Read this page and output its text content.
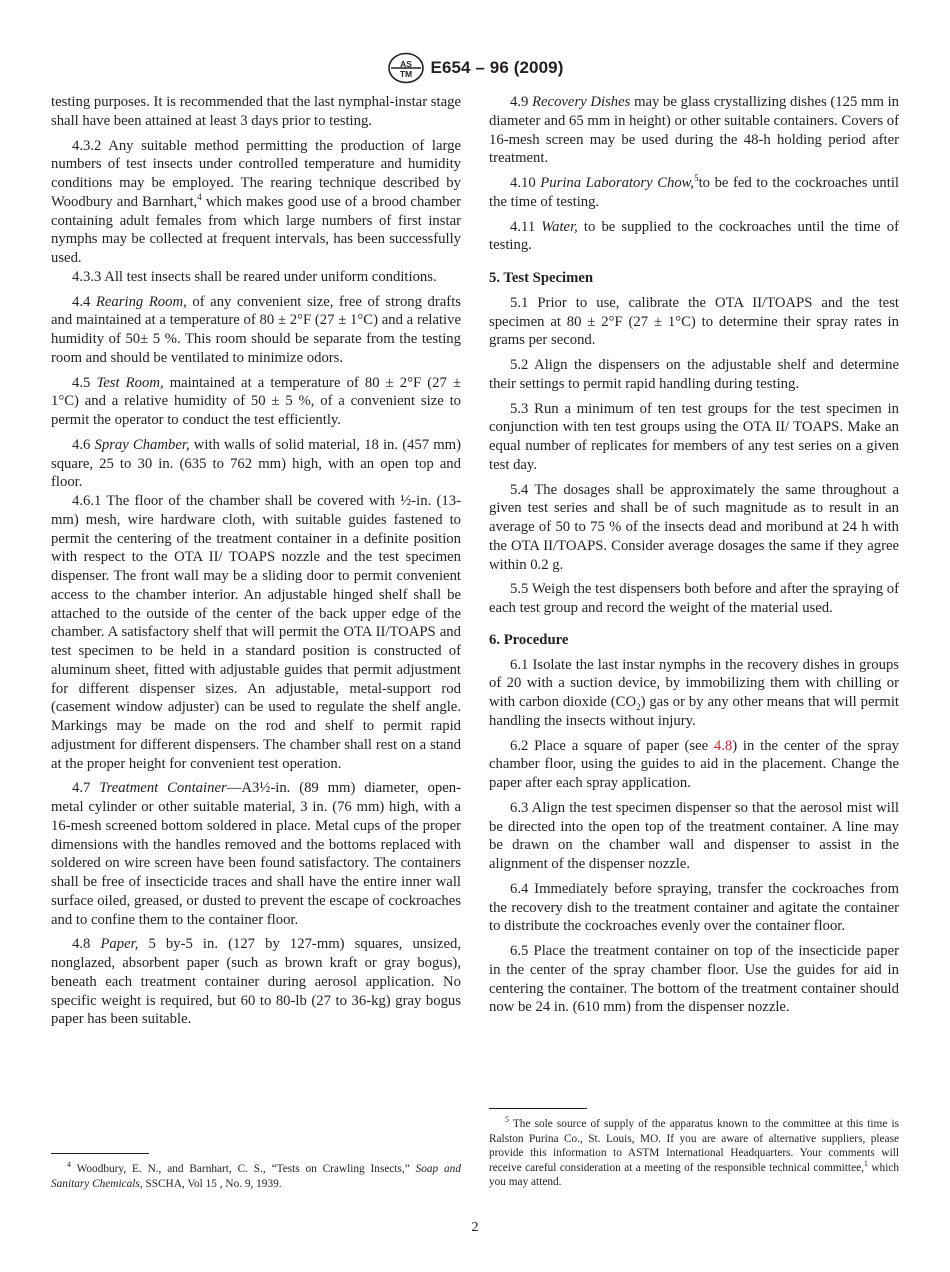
AS
TM E654 – 96 (2009)

testing purposes. It is recommended that the last nymphal-instar stage shall have been attained at least 3 days prior to testing.

4.3.2 Any suitable method permitting the production of large numbers of test insects under controlled temperature and humidity conditions may be employed. The rearing technique described by Woodbury and Barnhart,$^4$ which makes good use of a brood chamber containing adult females from which large numbers of first instar nymphs may be collected at frequent intervals, has been successfully used.

4.3.3 All test insects shall be reared under uniform conditions.

4.4 Rearing Room, of any convenient size, free of strong drafts and maintained at a temperature of 80 ± 2°F (27 ± 1°C) and a relative humidity of 50± 5 %. This room should be separate from the testing room and should be ventilated to minimize odors.

4.5 Test Room, maintained at a temperature of 80 ± 2°F (27 ± 1°C) and a relative humidity of 50 ± 5 %, of a convenient size to permit the operator to conduct the test efficiently.

4.6 Spray Chamber, with walls of solid material, 18 in. (457 mm) square, 25 to 30 in. (635 to 762 mm) high, with an open top and floor.

4.6.1 The floor of the chamber shall be covered with ½-in. (13-mm) mesh, wire hardware cloth, with suitable guides fastened to permit the centering of the treatment container in a definite position with respect to the OTA II/ TOAPS nozzle and the test specimen dispenser. The front wall may be a sliding door to permit convenient access to the chamber interior. An adjustable hinged shelf shall be attached to the outside of the center of the back upper edge of the chamber. A satisfactory shelf that will permit the OTA II/TOAPS and test specimen to be held in a standard position is constructed of aluminum sheet, fitted with adjustable guides that permit adjustment for different dispenser sizes. An adjustable, metal-support rod (casement window adjuster) can be used to regulate the shelf angle. Markings may be made on the rod and shelf to permit rapid adjustment for different dispensers. The chamber shall rest on a stand at the proper height for convenient test operation.

4.7 Treatment Container—A3½-in. (89 mm) diameter, open-metal cylinder or other suitable material, 3 in. (76 mm) high, with a 16-mesh screened bottom soldered in place. Metal cups of the proper dimensions with the handles removed and the bottoms replaced with soldered on wire screen have been found satisfactory. The containers shall be free of insecticide traces and shall have the entire inner wall surface oiled, greased, or dusted to prevent the escape of cockroaches and to confine them to the container floor.

4.8 Paper, 5 by-5 in. (127 by 127-mm) squares, unsized, nonglazed, absorbent paper (such as brown kraft or gray bogus), beneath each treatment container during aerosol application. No specific weight is required, but 60 to 80-lb (27 to 36-kg) gray bogus paper has been suitable.

$^4$ Woodbury, E. N., and Barnhart, C. S., “Tests on Crawling Insects,” Soap and Sanitary Chemicals, SSCHA, Vol 15 , No. 9, 1939.

4.9 Recovery Dishes may be glass crystallizing dishes (125 mm in diameter and 65 mm in height) or other suitable containers. Covers of 16-mesh screen may be used during the 48-h holding period after treatment.

4.10 Purina Laboratory Chow,$^5$to be fed to the cockroaches until the time of testing.

4.11 Water, to be supplied to the cockroaches until the time of testing.

5. Test Specimen

5.1 Prior to use, calibrate the OTA II/TOAPS and the test specimen at 80 ± 2°F (27 ± 1°C) to determine their spray rates in grams per second.

5.2 Align the dispensers on the adjustable shelf and determine their settings to permit rapid handling during testing.

5.3 Run a minimum of ten test groups for the test specimen in conjunction with ten test groups using the OTA II/ TOAPS. Make an equal number of replicates for members of any test series on a given test day.

5.4 The dosages shall be approximately the same throughout a given test series and shall be of such magnitude as to result in an average of 50 to 75 % of the insects dead and moribund at 24 h with the OTA II/TOAPS. Consider average dosages the same if they agree within 0.2 g.

5.5 Weigh the test dispensers both before and after the spraying of each test group and record the weight of the material used.

6. Procedure

6.1 Isolate the last instar nymphs in the recovery dishes in groups of 20 with a suction device, by immobilizing them with chilling or with carbon dioxide $(CO_2)$ gas or by any other means that will permit handling the insects without injury.

6.2 Place a square of paper (see 4.8) in the center of the spray chamber floor, using the guides to aid in the placement. Change the paper after each spray application.

6.3 Align the test specimen dispenser so that the aerosol mist will be directed into the open top of the treatment container. A line may be drawn on the chamber wall and dispenser to assist in the alignment of the dispenser nozzle.

6.4 Immediately before spraying, transfer the cockroaches from the recovery dish to the treatment container and agitate the container to distribute the cockroaches evenly over the container floor.

6.5 Place the treatment container on top of the insecticide paper in the center of the spray chamber floor. Use the guides for aid in centering the container. The bottom of the treatment container should now be 24 in. (610 mm) from the dispenser nozzle.

$^5$ The sole source of supply of the apparatus known to the committee at this time is Ralston Purina Co., St. Louis, MO. If you are aware of alternative suppliers, please provide this information to ASTM International Headquarters. Your comments will receive careful consideration at a meeting of the responsible technical committee,$^1$ which you may attend.
2
